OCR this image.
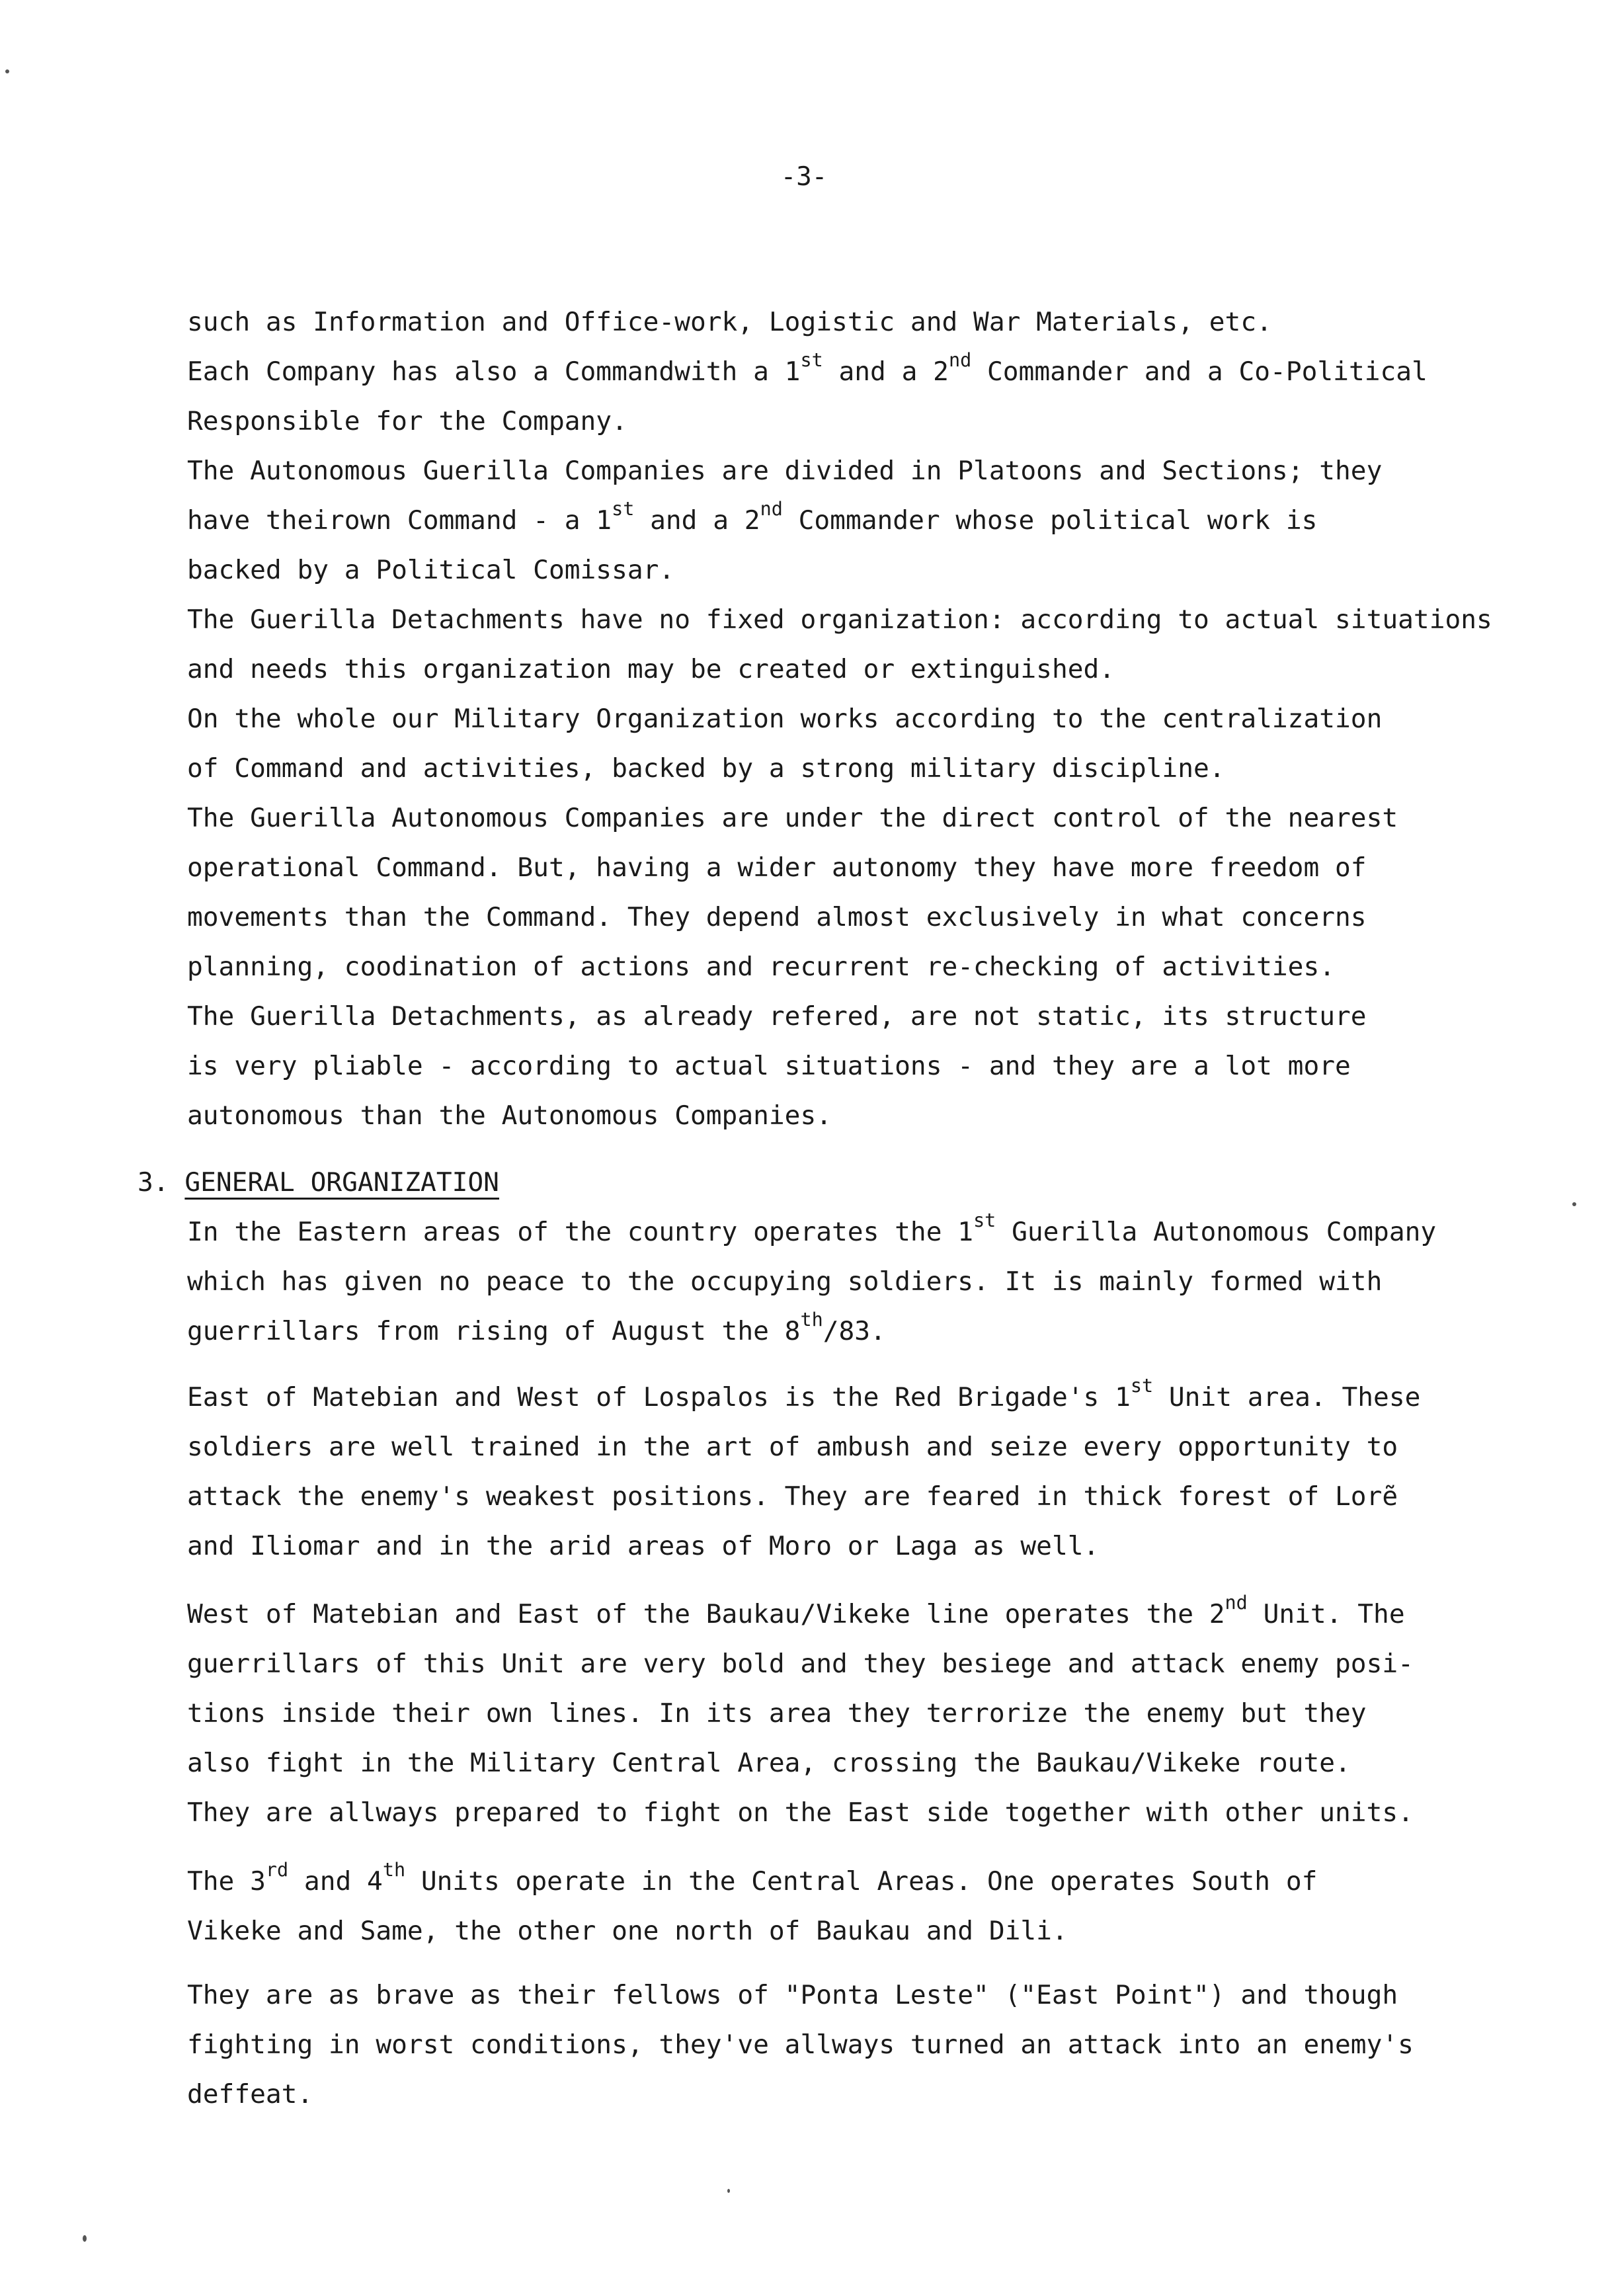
-3-
such as Information and Office-work, Logistic and War Materials, etc.
Each Company has also a Commandwith a 1st and a 2nd Commander and a Co-Political
Responsible for the Company.
The Autonomous Guerilla Companies are divided in Platoons and Sections; they
have theirown Command - a 1st and a 2nd Commander whose political work is
backed by a Political Comissar.
The Guerilla Detachments have no fixed organization: according to actual situations
and needs this organization may be created or extinguished.
On the whole our Military Organization works according to the centralization
of Command and activities, backed by a strong military discipline.
The Guerilla Autonomous Companies are under the direct control of the nearest
operational Command. But, having a wider autonomy they have more freedom of
movements than the Command. They depend almost exclusively in what concerns
planning, coodination of actions and recurrent re-checking of activities.
The Guerilla Detachments, as already refered, are not static, its structure
is very pliable - according to actual situations - and they are a lot more
autonomous than the Autonomous Companies.
3. GENERAL ORGANIZATION
In the Eastern areas of the country operates the 1st Guerilla Autonomous Company
which has given no peace to the occupying soldiers. It is mainly formed with
guerrillars from rising of August the 8th/83.
East of Matebian and West of Lospalos is the Red Brigade's 1st Unit area. These
soldiers are well trained in the art of ambush and seize every opportunity to
attack the enemy's weakest positions. They are feared in thick forest of Lorẽ
and Iliomar and in the arid areas of Moro or Laga as well.
West of Matebian and East of the Baukau/Vikeke line operates the 2nd Unit. The
guerrillars of this Unit are very bold and they besiege and attack enemy posi-
tions inside their own lines. In its area they terrorize the enemy but they
also fight in the Military Central Area, crossing the Baukau/Vikeke route.
They are allways prepared to fight on the East side together with other units.
The 3rd and 4th Units operate in the Central Areas. One operates South of
Vikeke and Same, the other one north of Baukau and Dili.
They are as brave as their fellows of "Ponta Leste" ("East Point") and though
fighting in worst conditions, they've allways turned an attack into an enemy's
deffeat.
